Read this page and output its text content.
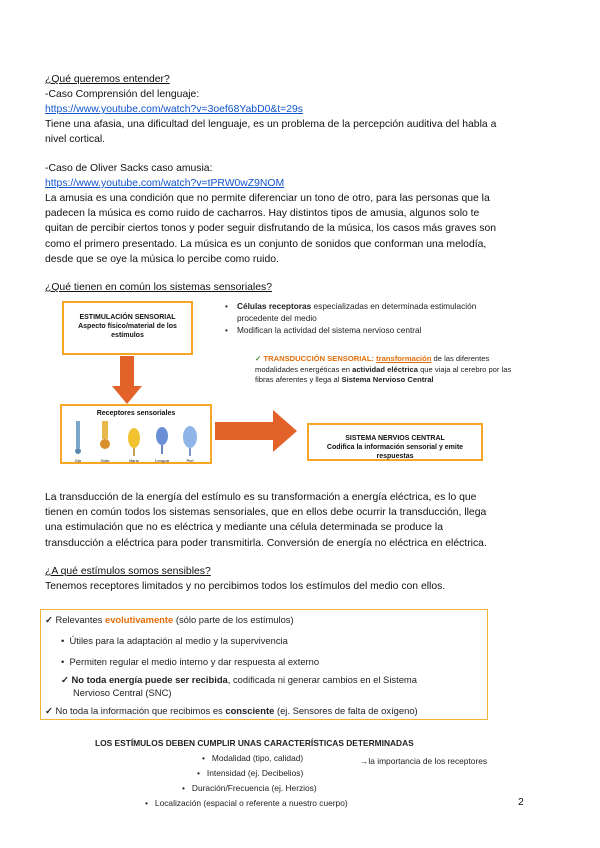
¿Qué queremos entender?
-Caso Comprensión del lenguaje:
https://www.youtube.com/watch?v=3oef68YabD0&t=29s
Tiene una afasia, una dificultad del lenguaje, es un problema de la percepción auditiva del habla a
nivel cortical.
-Caso de Oliver Sacks caso amusia:
https://www.youtube.com/watch?v=tPRW0wZ9NOM
La amusia es una condición que no permite diferenciar un tono de otro, para las personas que la
padecen la música es como ruido de cacharros. Hay distintos tipos de amusia, algunos solo te
quitan de percibir ciertos tonos y poder seguir disfrutando de la música, los casos más graves son
como el primero presentado. La música es un conjunto de sonidos que conforman una melodía,
desde que se oye la música lo percibe como ruido.
¿Qué tienen en común los sistemas sensoriales?
ESTIMULACIÓN SENSORIAL
Aspecto físico/material de los estímulos
Receptores sensoriales
Ojo	Oído	Nariz	Lengua	Piel
SISTEMA NERVIOS CENTRAL
Codifica la información sensorial y emite respuestas
• Células receptoras especializadas en determinada estimulación procedente del medio
• Modifican la actividad del sistema nervioso central
✓ TRANSDUCCIÓN SENSORIAL: transformación de las diferentes modalidades energéticas en actividad eléctrica que viaja al cerebro por las fibras aferentes y llega al Sistema Nervioso Central
La transducción de la energía del estímulo es su transformación a energía eléctrica, es lo que
tienen en común todos los sistemas sensoriales, que en ellos debe ocurrir la transducción, llega
una estimulación que no es eléctrica y mediante una célula determinada se produce la
transducción a eléctrica para poder transmitirla. Conversión de energía no eléctrica en eléctrica.
¿A qué estímulos somos sensibles?
Tenemos receptores limitados y no percibimos todos los estímulos del medio con ellos.
✓ Relevantes evolutivamente (sólo parte de los estímulos)
•  Útiles para la adaptación al medio y la supervivencia
•  Permiten regular el medio interno y dar respuesta al externo
✓ No toda energía puede ser recibida, codificada ni generar cambios en el Sistema
Nervioso Central (SNC)
✓ No toda la información que recibimos es consciente (ej. Sensores de falta de oxígeno)
LOS ESTÍMULOS DEBEN CUMPLIR UNAS CARACTERÍSTICAS DETERMINADAS
•   Modalidad (tipo, calidad)
•   Intensidad (ej. Decibelios)
•   Duración/Frecuencia (ej. Herzios)
•   Localización (espacial o referente a nuestro cuerpo)
→la importancia de los receptores
2
